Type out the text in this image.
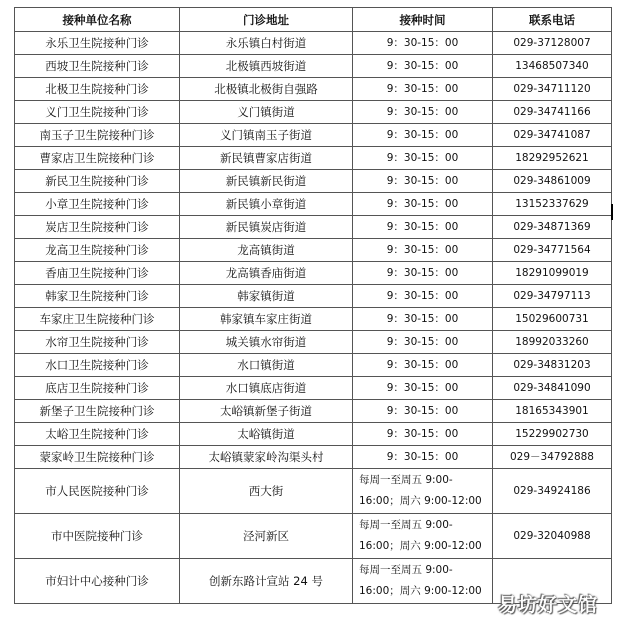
接种单位名称	门诊地址	接种时间	联系电话
永乐卫生院接种门诊	永乐镇白村街道	9：30-15：00	029-37128007
西坡卫生院接种门诊	北极镇西坡街道	9：30-15：00	13468507340
北极卫生院接种门诊	北极镇北极街自强路	9：30-15：00	029-34711120
义门卫生院接种门诊	义门镇街道	9：30-15：00	029-34741166
南玉子卫生院接种门诊	义门镇南玉子街道	9：30-15：00	029-34741087
曹家店卫生院接种门诊	新民镇曹家店街道	9：30-15：00	18292952621
新民卫生院接种门诊	新民镇新民街道	9：30-15：00	029-34861009
小章卫生院接种门诊	新民镇小章街道	9：30-15：00	13152337629
炭店卫生院接种门诊	新民镇炭店街道	9：30-15：00	029-34871369
龙高卫生院接种门诊	龙高镇街道	9：30-15：00	029-34771564
香庙卫生院接种门诊	龙高镇香庙街道	9：30-15：00	18291099019
韩家卫生院接种门诊	韩家镇街道	9：30-15：00	029-34797113
车家庄卫生院接种门诊	韩家镇车家庄街道	9：30-15：00	15029600731
水帘卫生院接种门诊	城关镇水帘街道	9：30-15：00	18992033260
水口卫生院接种门诊	水口镇街道	9：30-15：00	029-34831203
底店卫生院接种门诊	水口镇底店街道	9：30-15：00	029-34841090
新堡子卫生院接种门诊	太峪镇新堡子街道	9：30-15：00	18165343901
太峪卫生院接种门诊	太峪镇街道	9：30-15：00	15229902730
蒙家岭卫生院接种门诊	太峪镇蒙家岭沟渠头村	9：30-15：00	029－34792888
市人民医院接种门诊	西大街	每周一至周五 9:00-16:00；周六 9:00-12:00	029-34924186
市中医院接种门诊	泾河新区	每周一至周五 9:00-16:00；周六 9:00-12:00	029-32040988
市妇计中心接种门诊	创新东路计宣站 24 号	每周一至周五 9:00-16:00；周六 9:00-12:00	
易坊好文馆
